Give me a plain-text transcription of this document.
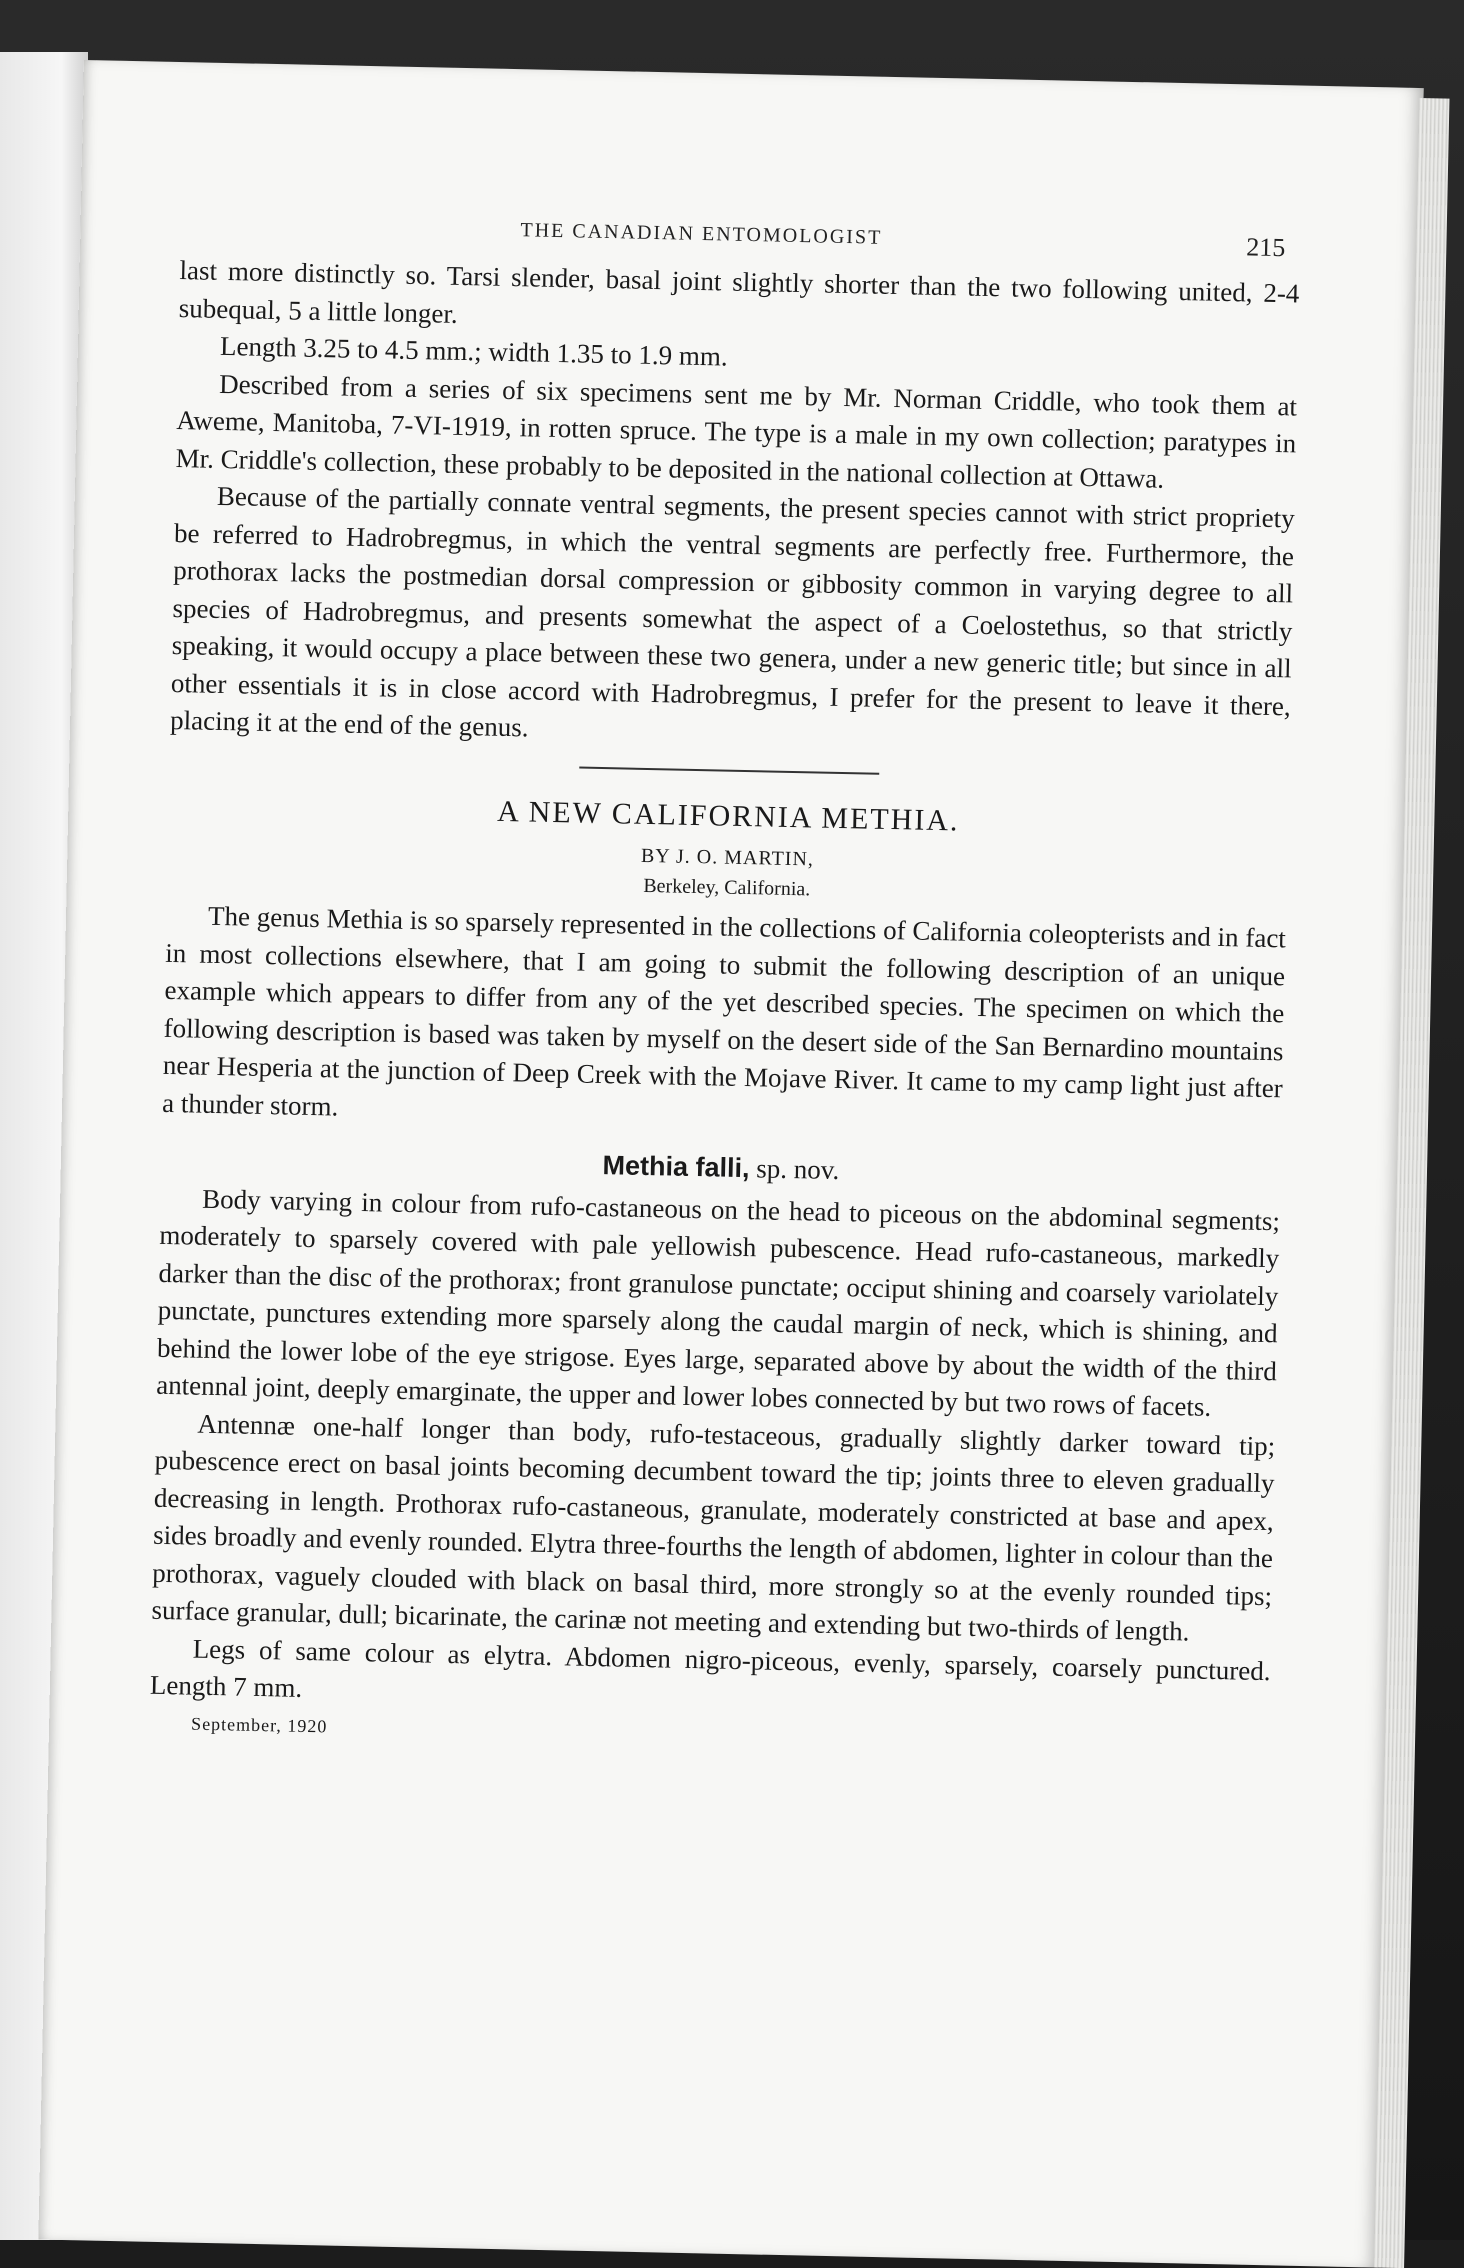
THE CANADIAN ENTOMOLOGIST	215

last more distinctly so. Tarsi slender, basal joint slightly shorter than the two following united, 2-4 subequal, 5 a little longer.

Length 3.25 to 4.5 mm.; width 1.35 to 1.9 mm.

Described from a series of six specimens sent me by Mr. Norman Criddle, who took them at Aweme, Manitoba, 7-VI-1919, in rotten spruce. The type is a male in my own collection; paratypes in Mr. Criddle's collection, these probably to be deposited in the national collection at Ottawa.

Because of the partially connate ventral segments, the present species cannot with strict propriety be referred to Hadrobregmus, in which the ventral segments are perfectly free. Furthermore, the prothorax lacks the postmedian dorsal compression or gibbosity common in varying degree to all species of Hadrobregmus, and presents somewhat the aspect of a Coelostethus, so that strictly speaking, it would occupy a place between these two genera, under a new generic title; but since in all other essentials it is in close accord with Hadrobregmus, I prefer for the present to leave it there, placing it at the end of the genus.

A NEW CALIFORNIA METHIA.
BY J. O. MARTIN,
Berkeley, California.

The genus Methia is so sparsely represented in the collections of California coleopterists and in fact in most collections elsewhere, that I am going to submit the following description of an unique example which appears to differ from any of the yet described species. The specimen on which the following description is based was taken by myself on the desert side of the San Bernardino mountains near Hesperia at the junction of Deep Creek with the Mojave River. It came to my camp light just after a thunder storm.

Methia falli, sp. nov.

Body varying in colour from rufo-castaneous on the head to piceous on the abdominal segments; moderately to sparsely covered with pale yellowish pubescence. Head rufo-castaneous, markedly darker than the disc of the prothorax; front granulose punctate; occiput shining and coarsely variolately punctate, punctures extending more sparsely along the caudal margin of neck, which is shining, and behind the lower lobe of the eye strigose. Eyes large, separated above by about the width of the third antennal joint, deeply emarginate, the upper and lower lobes connected by but two rows of facets.

Antennæ one-half longer than body, rufo-testaceous, gradually slightly darker toward tip; pubescence erect on basal joints becoming decumbent toward the tip; joints three to eleven gradually decreasing in length. Prothorax rufo-castaneous, granulate, moderately constricted at base and apex, sides broadly and evenly rounded. Elytra three-fourths the length of abdomen, lighter in colour than the prothorax, vaguely clouded with black on basal third, more strongly so at the evenly rounded tips; surface granular, dull; bicarinate, the carinæ not meeting and extending but two-thirds of length.

Legs of same colour as elytra. Abdomen nigro-piceous, evenly, sparsely, coarsely punctured. Length 7 mm.

September, 1920
